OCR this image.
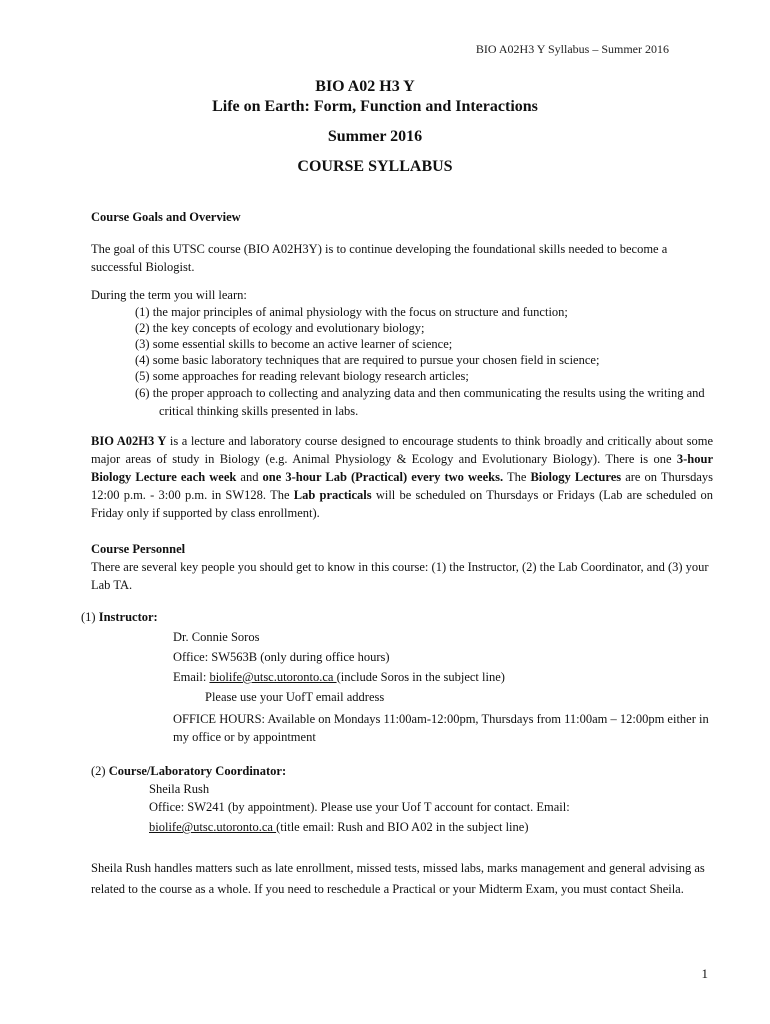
BIO A02H3 Y Syllabus – Summer 2016
BIO A02 H3 Y
Life on Earth: Form, Function and Interactions
Summer 2016
COURSE SYLLABUS

Course Goals and Overview

The goal of this UTSC course (BIO A02H3Y) is to continue developing the foundational skills needed to become a successful Biologist.

During the term you will learn:

(1) the major principles of animal physiology with the focus on structure and function;
(2) the key concepts of ecology and evolutionary biology;
(3) some essential skills to become an active learner of science;
(4) some basic laboratory techniques that are required to pursue your chosen field in science;
(5) some approaches for reading relevant biology research articles;
(6) the proper approach to collecting and analyzing data and then communicating the results using the writing and critical thinking skills presented in labs.

BIO A02H3 Y is a lecture and laboratory course designed to encourage students to think broadly and critically about some major areas of study in Biology (e.g. Animal Physiology & Ecology and Evolutionary Biology). There is one 3-hour Biology Lecture each week and one 3-hour Lab (Practical) every two weeks. The Biology Lectures are on Thursdays 12:00 p.m. - 3:00 p.m. in SW128. The Lab practicals will be scheduled on Thursdays or Fridays (Lab are scheduled on Friday only if supported by class enrollment).

Course Personnel

There are several key people you should get to know in this course: (1) the Instructor, (2) the Lab Coordinator, and (3) your Lab TA.

(1) Instructor:

Dr. Connie Soros

Office: SW563B (only during office hours)

Email: biolife@utsc.utoronto.ca (include Soros in the subject line)

Please use your UofT email address

OFFICE HOURS: Available on Mondays 11:00am-12:00pm, Thursdays from 11:00am – 12:00pm either in my office or by appointment

(2) Course/Laboratory Coordinator:

Sheila Rush

Office: SW241 (by appointment). Please use your Uof T account for contact. Email:

biolife@utsc.utoronto.ca (title email: Rush and BIO A02 in the subject line)

Sheila Rush handles matters such as late enrollment, missed tests, missed labs, marks management and general advising as related to the course as a whole. If you need to reschedule a Practical or your Midterm Exam, you must contact Sheila.

1
